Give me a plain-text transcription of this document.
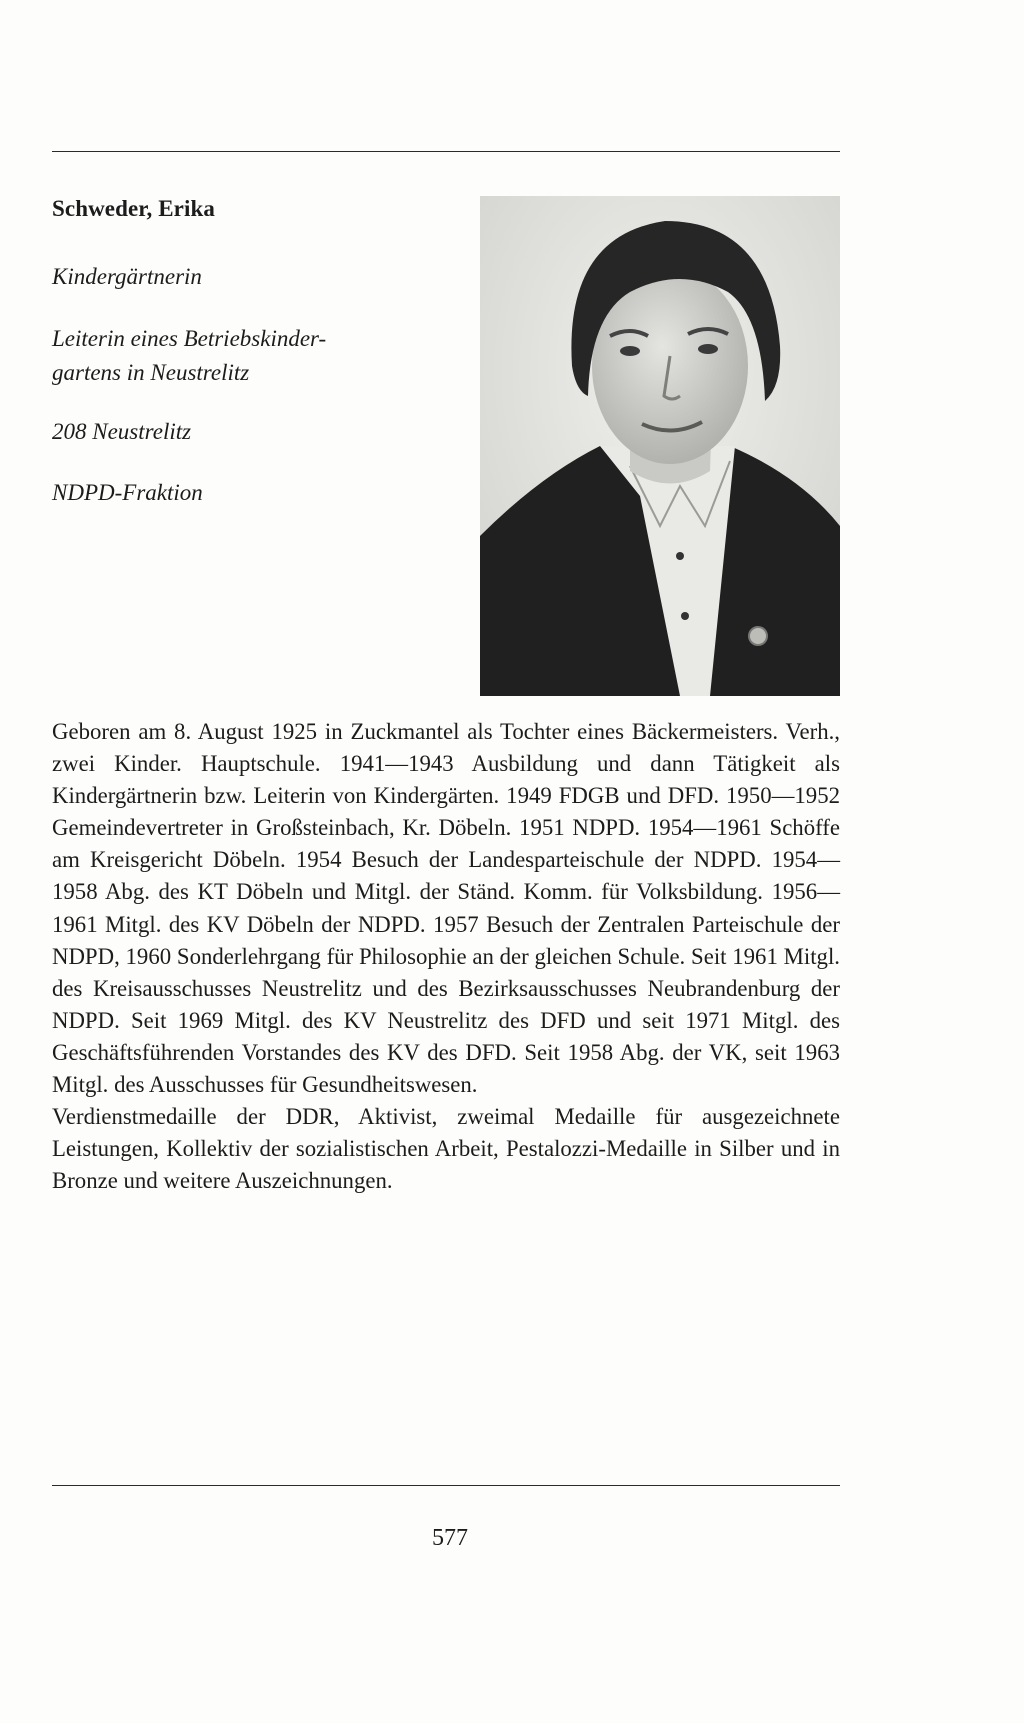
Schweder, Erika
Kindergärtnerin
Leiterin eines Betriebskinder-gartens in Neustrelitz
208 Neustrelitz
NDPD-Fraktion

Geboren am 8. August 1925 in Zuckmantel als Tochter eines Bäckermeisters. Verh., zwei Kinder. Hauptschule. 1941—1943 Ausbildung und dann Tätigkeit als Kindergärtnerin bzw. Leiterin von Kindergärten. 1949 FDGB und DFD. 1950—1952 Gemeindevertreter in Großsteinbach, Kr. Döbeln. 1951 NDPD. 1954—1961 Schöffe am Kreisgericht Döbeln. 1954 Besuch der Landesparteischule der NDPD. 1954—1958 Abg. des KT Döbeln und Mitgl. der Ständ. Komm. für Volksbildung. 1956—1961 Mitgl. des KV Döbeln der NDPD. 1957 Besuch der Zentralen Parteischule der NDPD, 1960 Sonderlehrgang für Philosophie an der gleichen Schule. Seit 1961 Mitgl. des Kreisausschusses Neustrelitz und des Bezirksausschusses Neubrandenburg der NDPD. Seit 1969 Mitgl. des KV Neustrelitz des DFD und seit 1971 Mitgl. des Geschäftsführenden Vorstandes des KV des DFD. Seit 1958 Abg. der VK, seit 1963 Mitgl. des Ausschusses für Gesundheitswesen.

Verdienstmedaille der DDR, Aktivist, zweimal Medaille für ausgezeichnete Leistungen, Kollektiv der sozialistischen Arbeit, Pestalozzi-Medaille in Silber und in Bronze und weitere Auszeichnungen.

577
